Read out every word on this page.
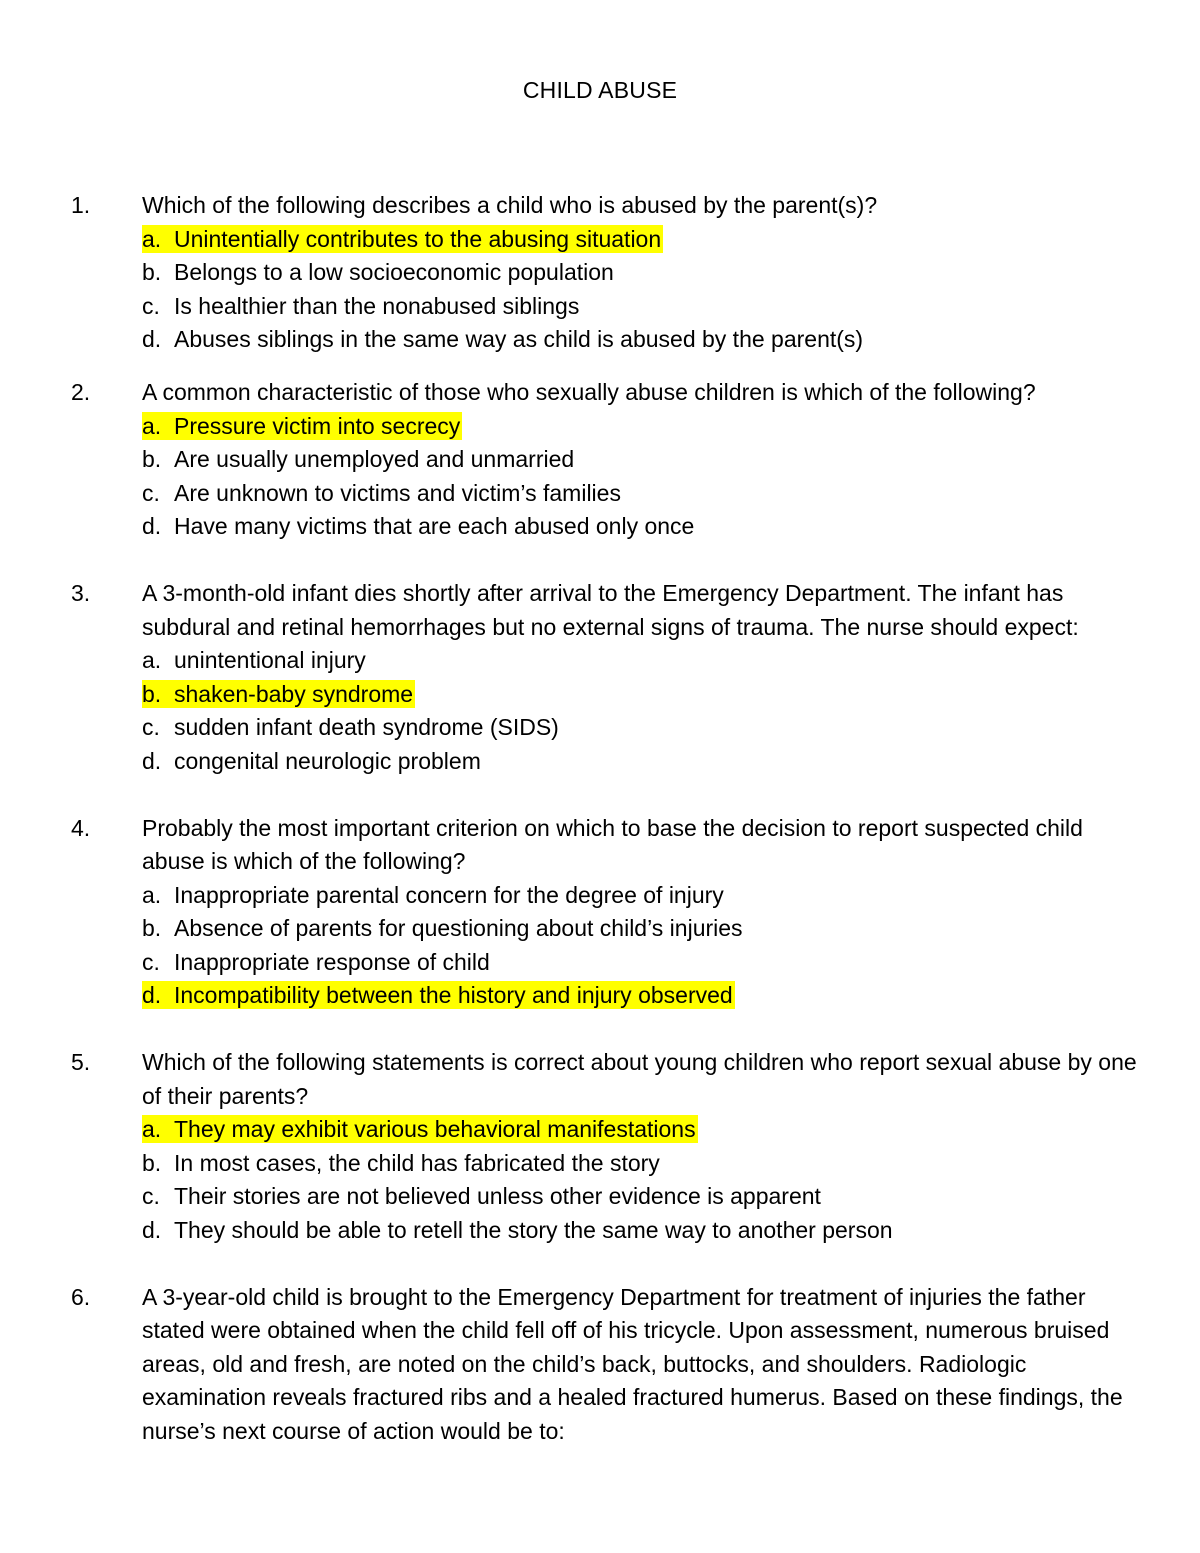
CHILD ABUSE
1. Which of the following describes a child who is abused by the parent(s)?

a. Unintentially contributes to the abusing situation
b. Belongs to a low socioeconomic population
c. Is healthier than the nonabused siblings
d. Abuses siblings in the same way as child is abused by the parent(s)
2. A common characteristic of those who sexually abuse children is which of the following?

a. Pressure victim into secrecy
b. Are usually unemployed and unmarried
c. Are unknown to victims and victim’s families
d. Have many victims that are each abused only once
3. A 3-month-old infant dies shortly after arrival to the Emergency Department. The infant has subdural and retinal hemorrhages but no external signs of trauma. The nurse should expect:

a. unintentional injury
b. shaken-baby syndrome
c. sudden infant death syndrome (SIDS)
d. congenital neurologic problem
4. Probably the most important criterion on which to base the decision to report suspected child abuse is which of the following?

a. Inappropriate parental concern for the degree of injury
b. Absence of parents for questioning about child’s injuries
c. Inappropriate response of child
d. Incompatibility between the history and injury observed
5. Which of the following statements is correct about young children who report sexual abuse by one of their parents?

a. They may exhibit various behavioral manifestations
b. In most cases, the child has fabricated the story
c. Their stories are not believed unless other evidence is apparent
d. They should be able to retell the story the same way to another person
6. A 3-year-old child is brought to the Emergency Department for treatment of injuries the father stated were obtained when the child fell off of his tricycle. Upon assessment, numerous bruised areas, old and fresh, are noted on the child’s back, buttocks, and shoulders. Radiologic examination reveals fractured ribs and a healed fractured humerus. Based on these findings, the nurse’s next course of action would be to:
